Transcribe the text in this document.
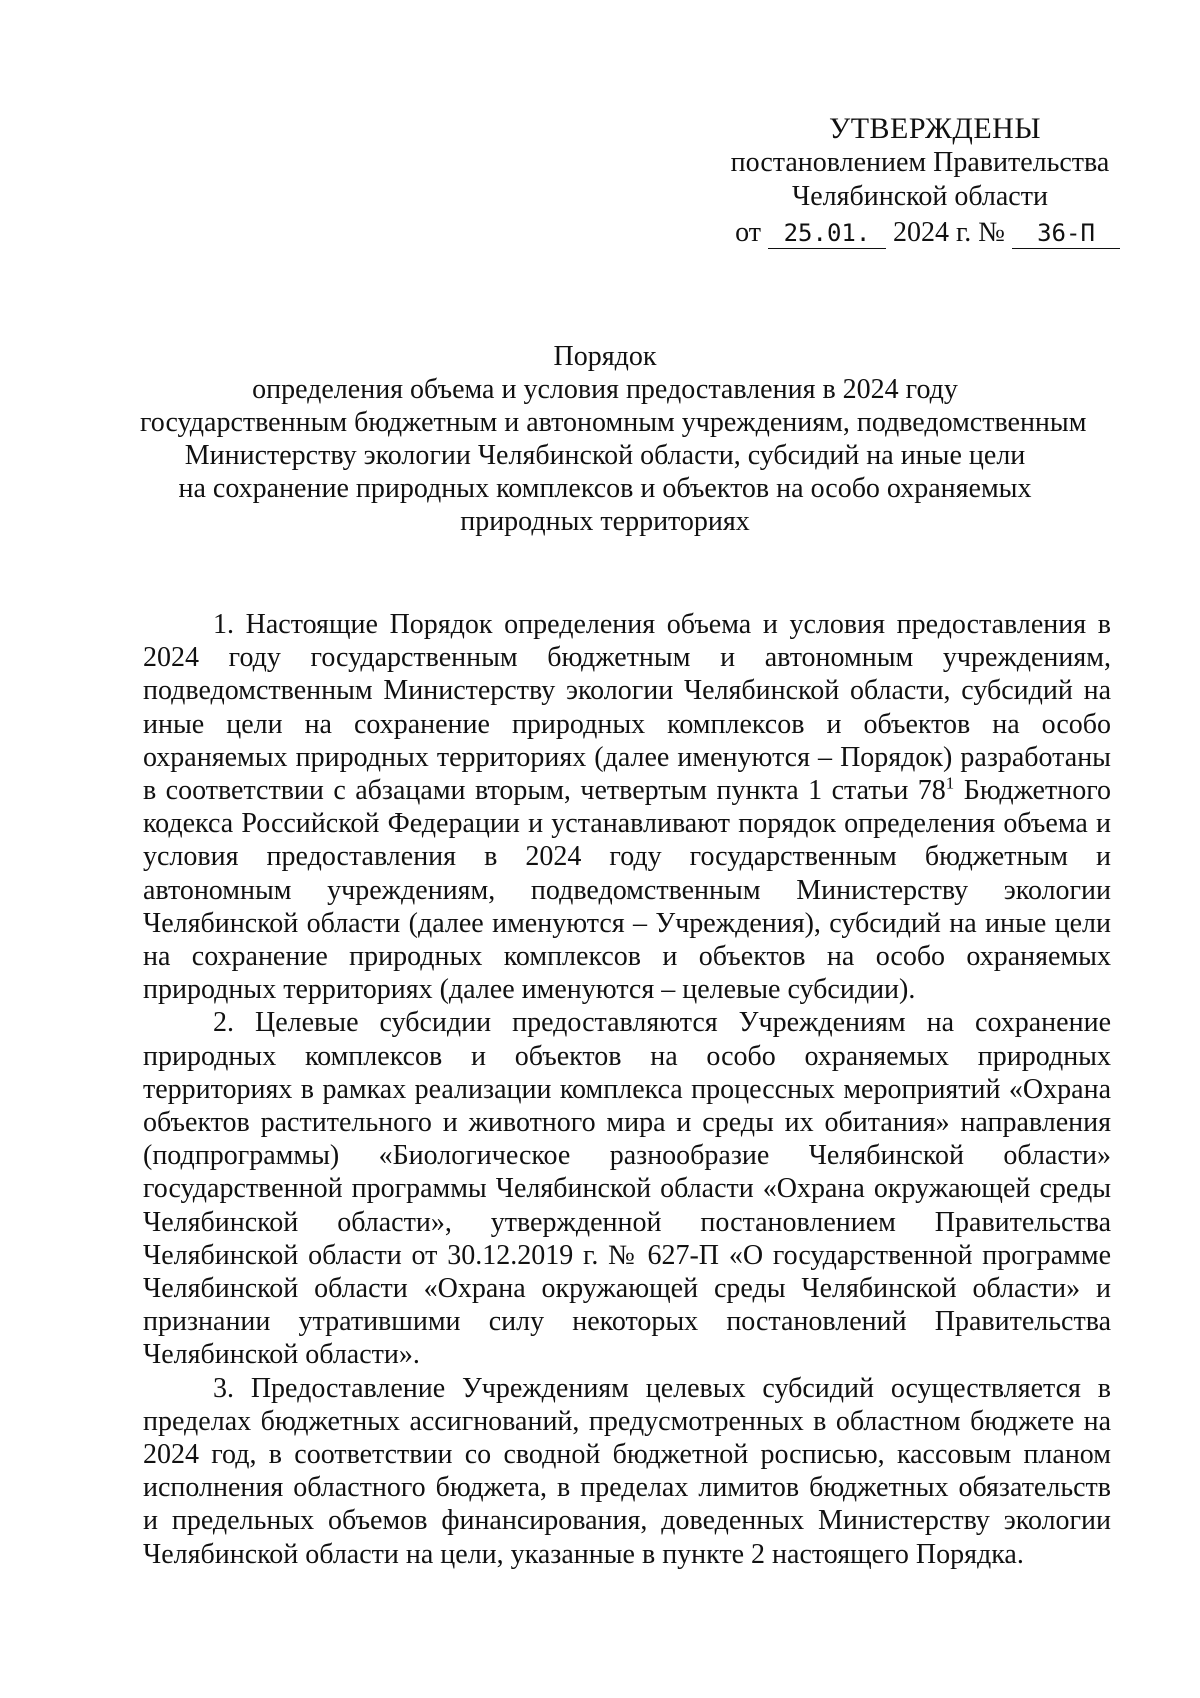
УТВЕРЖДЕНЫ
постановлением Правительства
Челябинской области
от 25.01. 2024 г. № 36-П
Порядок
определения объема и условия предоставления в 2024 году
государственным бюджетным и автономным учреждениям, подведомственным
Министерству экологии Челябинской области, субсидий на иные цели
на сохранение природных комплексов и объектов на особо охраняемых
природных территориях

1. Настоящие Порядок определения объема и условия предоставления в 2024 году государственным бюджетным и автономным учреждениям, подведомственным Министерству экологии Челябинской области, субсидий на иные цели на сохранение природных комплексов и объектов на особо охраняемых природных территориях (далее именуются – Порядок) разработаны в соответствии с абзацами вторым, четвертым пункта 1 статьи $78^1$ Бюджетного кодекса Российской Федерации и устанавливают порядок определения объема и условия предоставления в 2024 году государственным бюджетным и автономным учреждениям, подведомственным Министерству экологии Челябинской области (далее именуются – Учреждения), субсидий на иные цели на сохранение природных комплексов и объектов на особо охраняемых природных территориях (далее именуются – целевые субсидии).

2. Целевые субсидии предоставляются Учреждениям на сохранение природных комплексов и объектов на особо охраняемых природных территориях в рамках реализации комплекса процессных мероприятий «Охрана объектов растительного и животного мира и среды их обитания» направления (подпрограммы) «Биологическое разнообразие Челябинской области» государственной программы Челябинской области «Охрана окружающей среды Челябинской области», утвержденной постановлением Правительства Челябинской области от 30.12.2019 г. № 627-П «О государственной программе Челябинской области «Охрана окружающей среды Челябинской области» и признании утратившими силу некоторых постановлений Правительства Челябинской области».

3. Предоставление Учреждениям целевых субсидий осуществляется в пределах бюджетных ассигнований, предусмотренных в областном бюджете на 2024 год, в соответствии со сводной бюджетной росписью, кассовым планом исполнения областного бюджета, в пределах лимитов бюджетных обязательств и предельных объемов финансирования, доведенных Министерству экологии Челябинской области на цели, указанные в пункте 2 настоящего Порядка.
